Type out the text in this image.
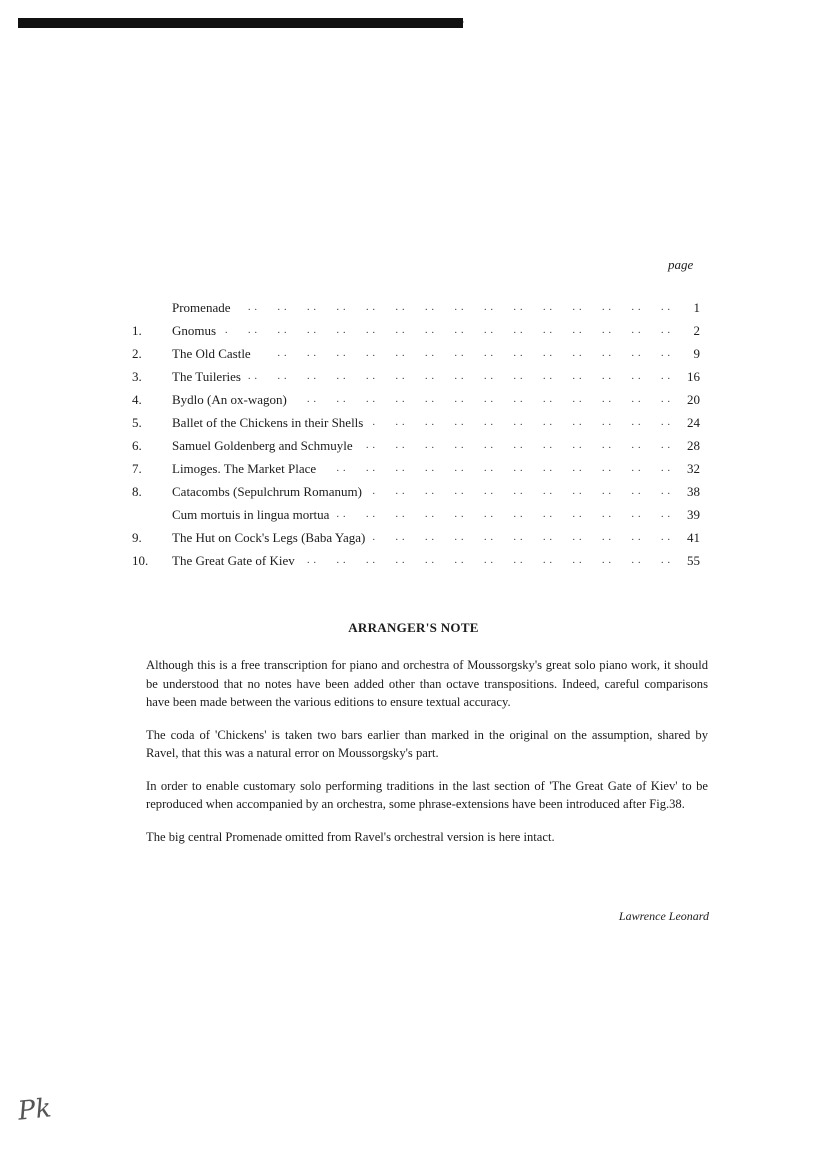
page
Promenade .. ..	1
1.	Gnomus .. ..	2
2.	The Old Castle .. ..	9
3.	The Tuileries .. ..	16
4.	Bydlo (An ox-wagon) .. ..	20
5.	Ballet of the Chickens in their Shells .. ..	24
6.	Samuel Goldenberg and Schmuyle .. ..	28
7.	Limoges. The Market Place .. ..	32
8.	Catacombs (Sepulchrum Romanum) .. ..	38
Cum mortuis in lingua mortua .. ..	39
9.	The Hut on Cock's Legs (Baba Yaga) .. ..	41
10.	The Great Gate of Kiev .. ..	55
ARRANGER'S NOTE

Although this is a free transcription for piano and orchestra of Moussorgsky's great solo piano work, it should be understood that no notes have been added other than octave transpositions. Indeed, careful comparisons have been made between the various editions to ensure textual accuracy.

The coda of 'Chickens' is taken two bars earlier than marked in the original on the assumption, shared by Ravel, that this was a natural error on Moussorgsky's part.

In order to enable customary solo performing traditions in the last section of 'The Great Gate of Kiev' to be reproduced when accompanied by an orchestra, some phrase-extensions have been introduced after Fig.38.

The big central Promenade omitted from Ravel's orchestral version is here intact.

Lawrence Leonard
Pk
